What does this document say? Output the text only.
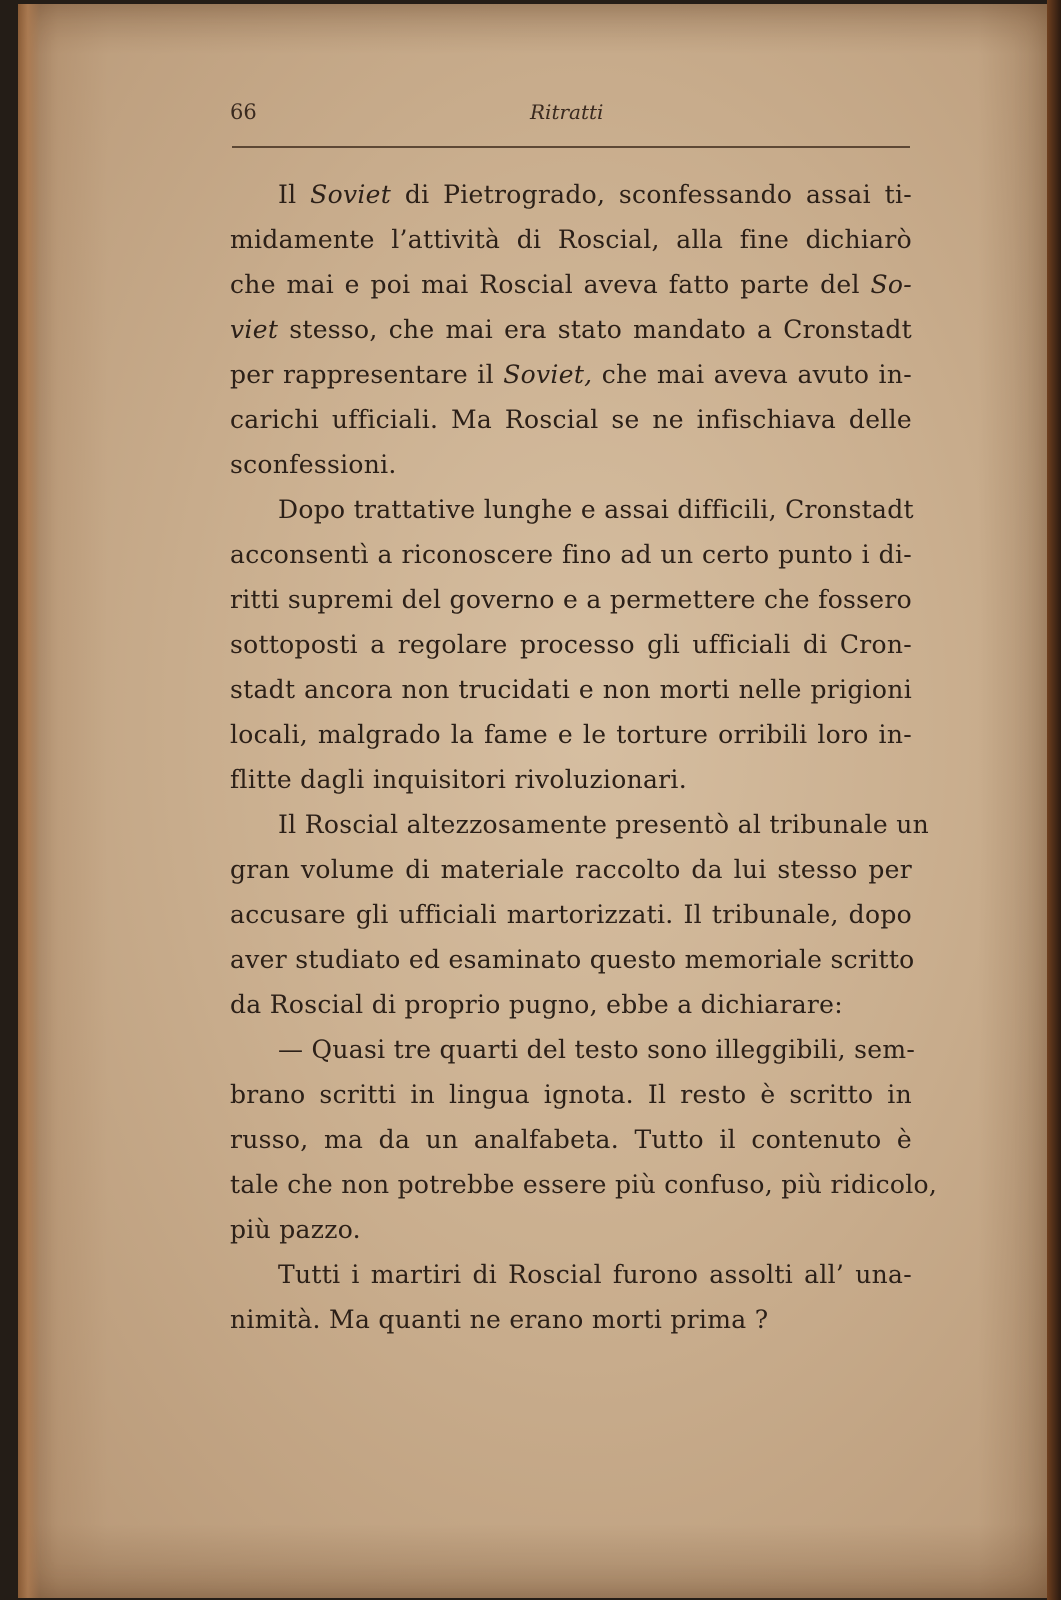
66	Ritratti
Il Soviet di Pietrogrado, sconfessando assai ti-
midamente l’attività di Roscial, alla fine dichiarò
che mai e poi mai Roscial aveva fatto parte del So-
viet stesso, che mai era stato mandato a Cronstadt
per rappresentare il Soviet, che mai aveva avuto in-
carichi ufficiali. Ma Roscial se ne infischiava delle
sconfessioni.
Dopo trattative lunghe e assai difficili, Cronstadt
acconsentì a riconoscere fino ad un certo punto i di-
ritti supremi del governo e a permettere che fossero
sottoposti a regolare processo gli ufficiali di Cron-
stadt ancora non trucidati e non morti nelle prigioni
locali, malgrado la fame e le torture orribili loro in-
flitte dagli inquisitori rivoluzionari.
Il Roscial altezzosamente presentò al tribunale un
gran volume di materiale raccolto da lui stesso per
accusare gli ufficiali martorizzati. Il tribunale, dopo
aver studiato ed esaminato questo memoriale scritto
da Roscial di proprio pugno, ebbe a dichiarare:
— Quasi tre quarti del testo sono illeggibili, sem-
brano scritti in lingua ignota. Il resto è scritto in
russo, ma da un analfabeta. Tutto il contenuto è
tale che non potrebbe essere più confuso, più ridicolo,
più pazzo.
Tutti i martiri di Roscial furono assolti all’ una-
nimità. Ma quanti ne erano morti prima ?
